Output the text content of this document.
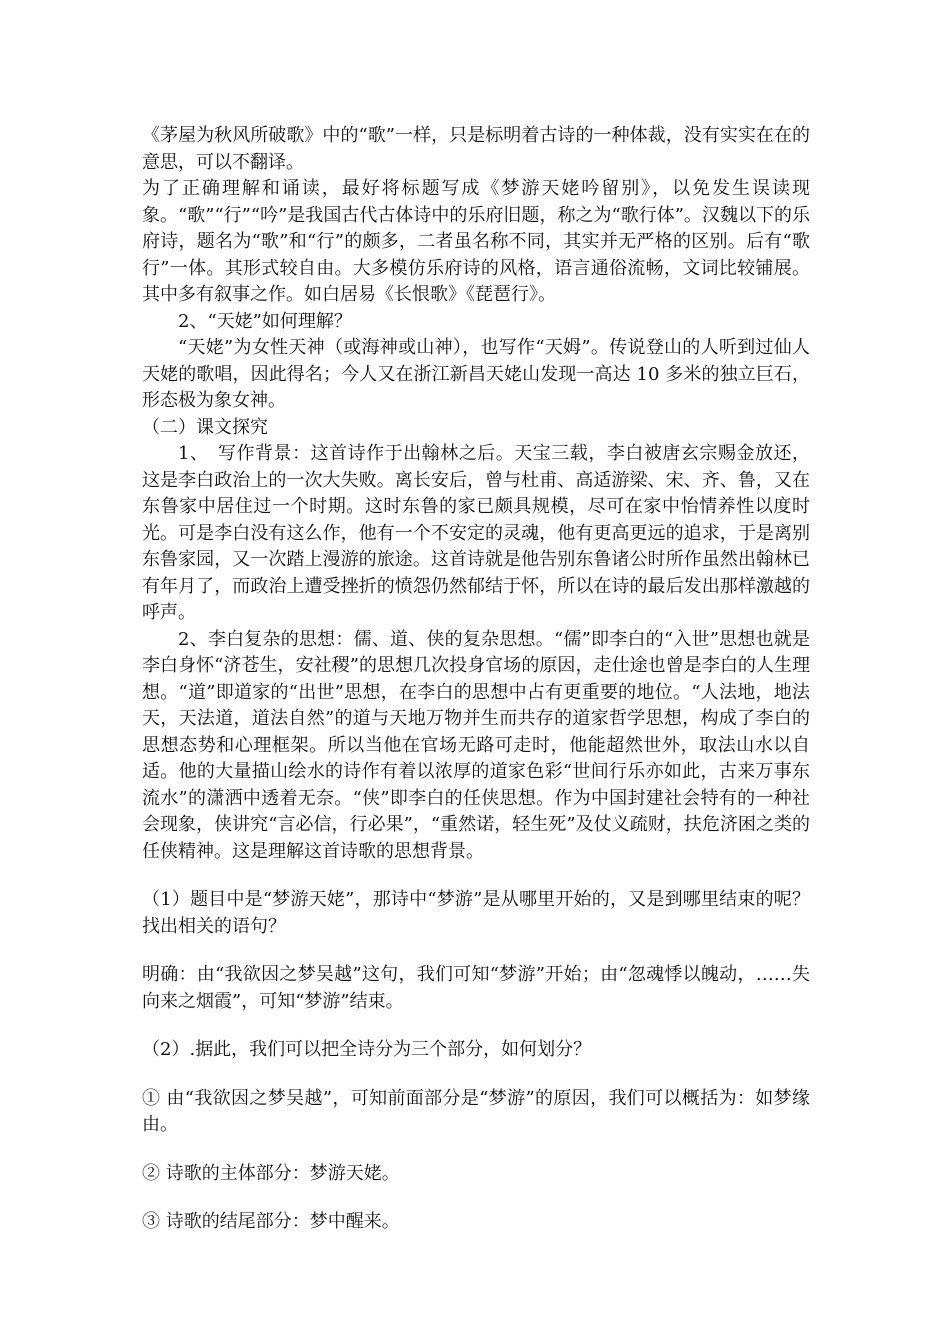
《茅屋为秋风所破歌》中的“歌”一样，只是标明着古诗的一种体裁，没有实实在在的意思，可以不翻译。

为了正确理解和诵读，最好将标题写成《梦游天姥吟留别》，以免发生误读现象。“歌”“行”“吟”是我国古代古体诗中的乐府旧题，称之为“歌行体”。汉魏以下的乐府诗，题名为“歌”和“行”的颇多，二者虽名称不同，其实并无严格的区别。后有“歌行”一体。其形式较自由。大多模仿乐府诗的风格，语言通俗流畅，文词比较铺展。其中多有叙事之作。如白居易《长恨歌》《琵琶行》。

2、“天姥”如何理解？

“天姥”为女性天神（或海神或山神），也写作“天姆”。传说登山的人听到过仙人天姥的歌唱，因此得名；今人又在浙江新昌天姥山发现一高达 10 多米的独立巨石，形态极为象女神。

（二）课文探究

1、　写作背景：这首诗作于出翰林之后。天宝三载，李白被唐玄宗赐金放还，这是李白政治上的一次大失败。离长安后，曾与杜甫、高适游梁、宋、齐、鲁，又在东鲁家中居住过一个时期。这时东鲁的家已颇具规模，尽可在家中怡情养性以度时光。可是李白没有这么作，他有一个不安定的灵魂，他有更高更远的追求，于是离别东鲁家园，又一次踏上漫游的旅途。这首诗就是他告别东鲁诸公时所作虽然出翰林已有年月了，而政治上遭受挫折的愤怨仍然郁结于怀，所以在诗的最后发出那样激越的呼声。

2、李白复杂的思想：儒、道、侠的复杂思想。“儒”即李白的“入世”思想也就是李白身怀“济苍生，安社稷”的思想几次投身官场的原因，走仕途也曾是李白的人生理想。“道”即道家的“出世”思想，在李白的思想中占有更重要的地位。“人法地，地法天，天法道，道法自然”的道与天地万物并生而共存的道家哲学思想，构成了李白的思想态势和心理框架。所以当他在官场无路可走时，他能超然世外，取法山水以自适。他的大量描山绘水的诗作有着以浓厚的道家色彩“世间行乐亦如此，古来万事东流水”的潇洒中透着无奈。“侠”即李白的任侠思想。作为中国封建社会特有的一种社会现象，侠讲究“言必信，行必果”，“重然诺，轻生死”及仗义疏财，扶危济困之类的任侠精神。这是理解这首诗歌的思想背景。

（1）题目中是“梦游天姥”，那诗中“梦游”是从哪里开始的，又是到哪里结束的呢？找出相关的语句？

明确：由“我欲因之梦吴越”这句，我们可知“梦游”开始；由“忽魂悸以魄动，……失向来之烟霞”，可知“梦游”结束。

（2）.据此，我们可以把全诗分为三个部分，如何划分？

① 由“我欲因之梦吴越”，可知前面部分是“梦游”的原因，我们可以概括为：如梦缘由。

② 诗歌的主体部分：梦游天姥。

③ 诗歌的结尾部分：梦中醒来。
